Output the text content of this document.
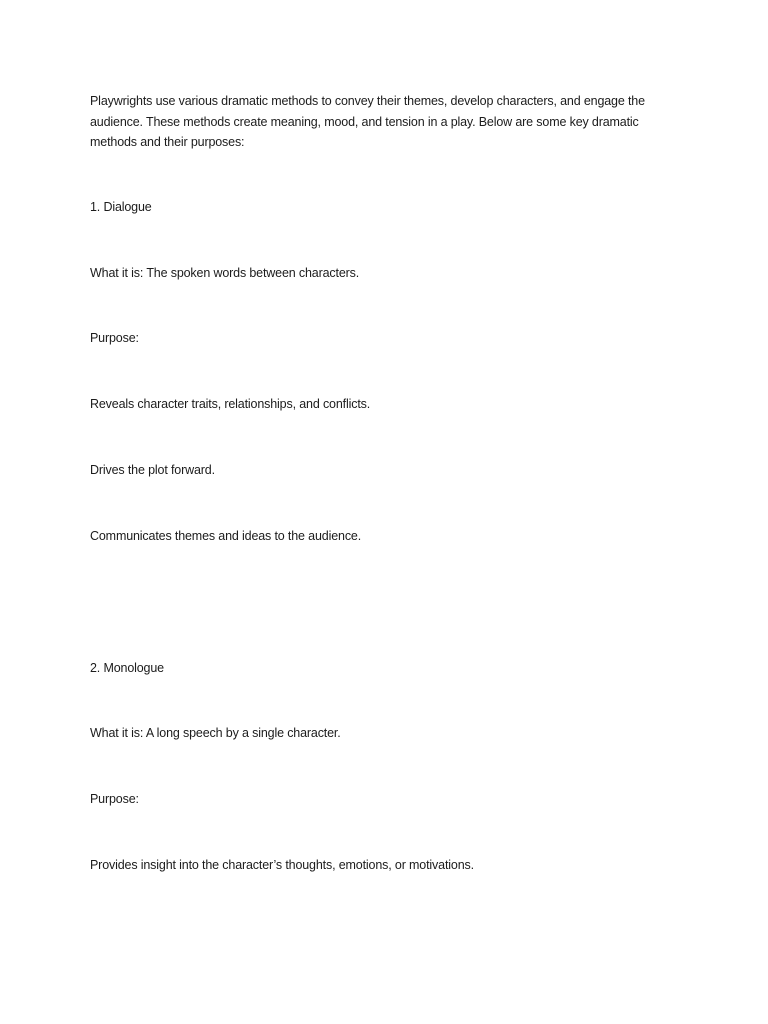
Playwrights use various dramatic methods to convey their themes, develop characters, and engage the
audience. These methods create meaning, mood, and tension in a play. Below are some key dramatic
methods and their purposes:
1. Dialogue
What it is: The spoken words between characters.
Purpose:
Reveals character traits, relationships, and conflicts.
Drives the plot forward.
Communicates themes and ideas to the audience.
2. Monologue
What it is: A long speech by a single character.
Purpose:
Provides insight into the character’s thoughts, emotions, or motivations.
